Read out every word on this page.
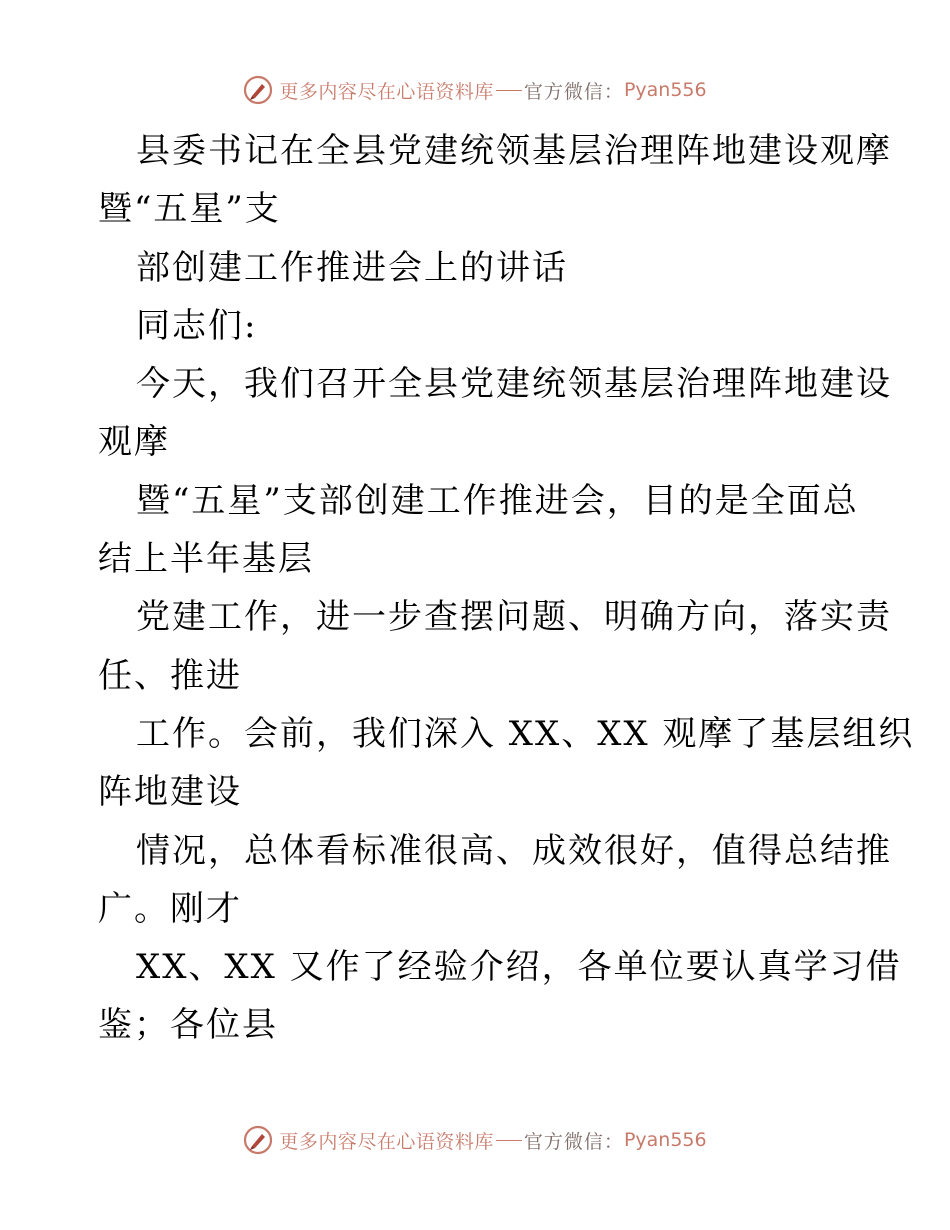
更多内容尽在心语资料库 官方微信： Pyan556
县委书记在全县党建统领基层治理阵地建设观摩
暨“五星”支
部创建工作推进会上的讲话
同志们:
今天，我们召开全县党建统领基层治理阵地建设
观摩
暨“五星”支部创建工作推进会，目的是全面总
结上半年基层
党建工作，进一步查摆问题、明确方向，落实责
任、推进
工作。会前，我们深入 XX、XX 观摩了基层组织
阵地建设
情况，总体看标准很高、成效很好，值得总结推
广。刚才
XX、XX 又作了经验介绍，各单位要认真学习借
鉴；各位县
更多内容尽在心语资料库 官方微信： Pyan556
